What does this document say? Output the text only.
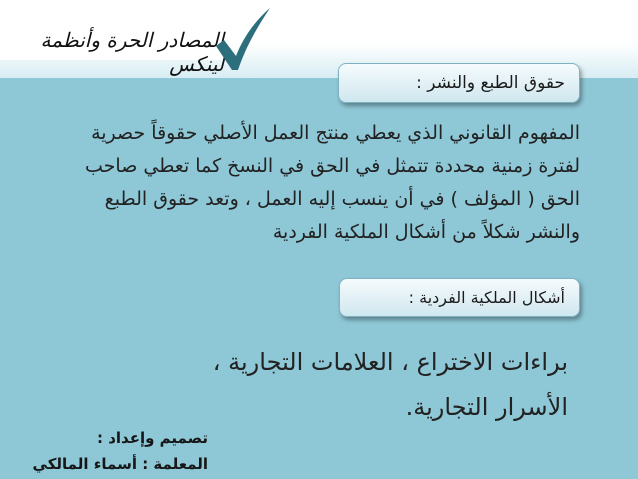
المصادر الحرة وأنظمة لينكس
حقوق الطبع والنشر :
المفهوم القانوني الذي يعطي منتج العمل الأصلي حقوقاً حصرية لفترة زمنية محددة تتمثل في الحق في النسخ كما تعطي صاحب الحق ( المؤلف ) في أن ينسب إليه العمل ، وتعد حقوق الطبع والنشر شكلاً من أشكال الملكية الفردية
أشكال الملكية الفردية :
براءات الاختراع ، العلامات التجارية ،
الأسرار التجارية.
تصميم وإعداد :
المعلمة : أسماء المالكي
